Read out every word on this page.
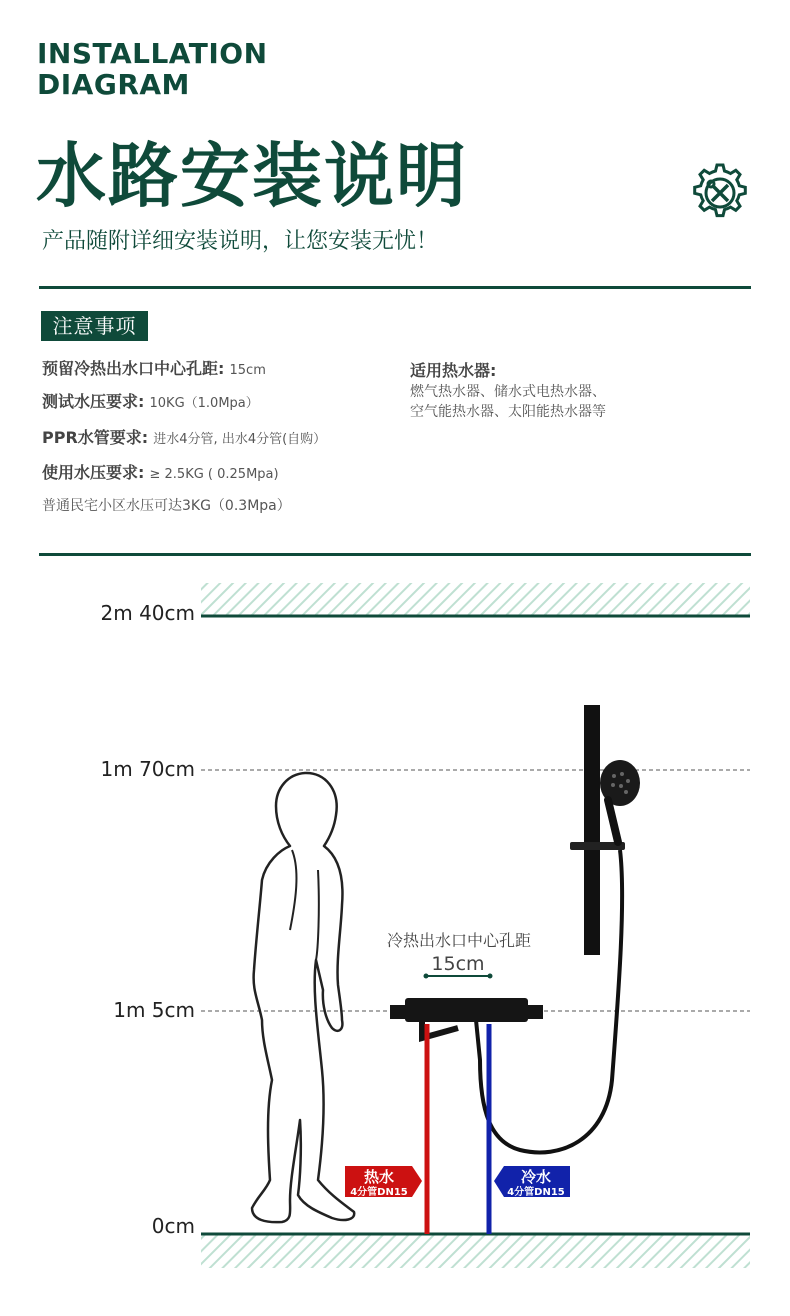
INSTALLATION
DIAGRAM
水路安装说明
产品随附详细安装说明，让您安装无忧！
注意事项
预留冷热出水口中心孔距: 15cm
测试水压要求: 10KG（1.0Mpa）
PPR水管要求: 进水4分管, 出水4分管(自购）
使用水压要求: ≥ 2.5KG ( 0.25Mpa)
普通民宅小区水压可达3KG（0.3Mpa）
适用热水器:
燃气热水器、储水式电热水器、
空气能热水器、太阳能热水器等
2m 40cm
1m 70cm
1m 5cm
0cm
冷热出水口中心孔距
15cm
热水
4分管DN15
冷水
4分管DN15
